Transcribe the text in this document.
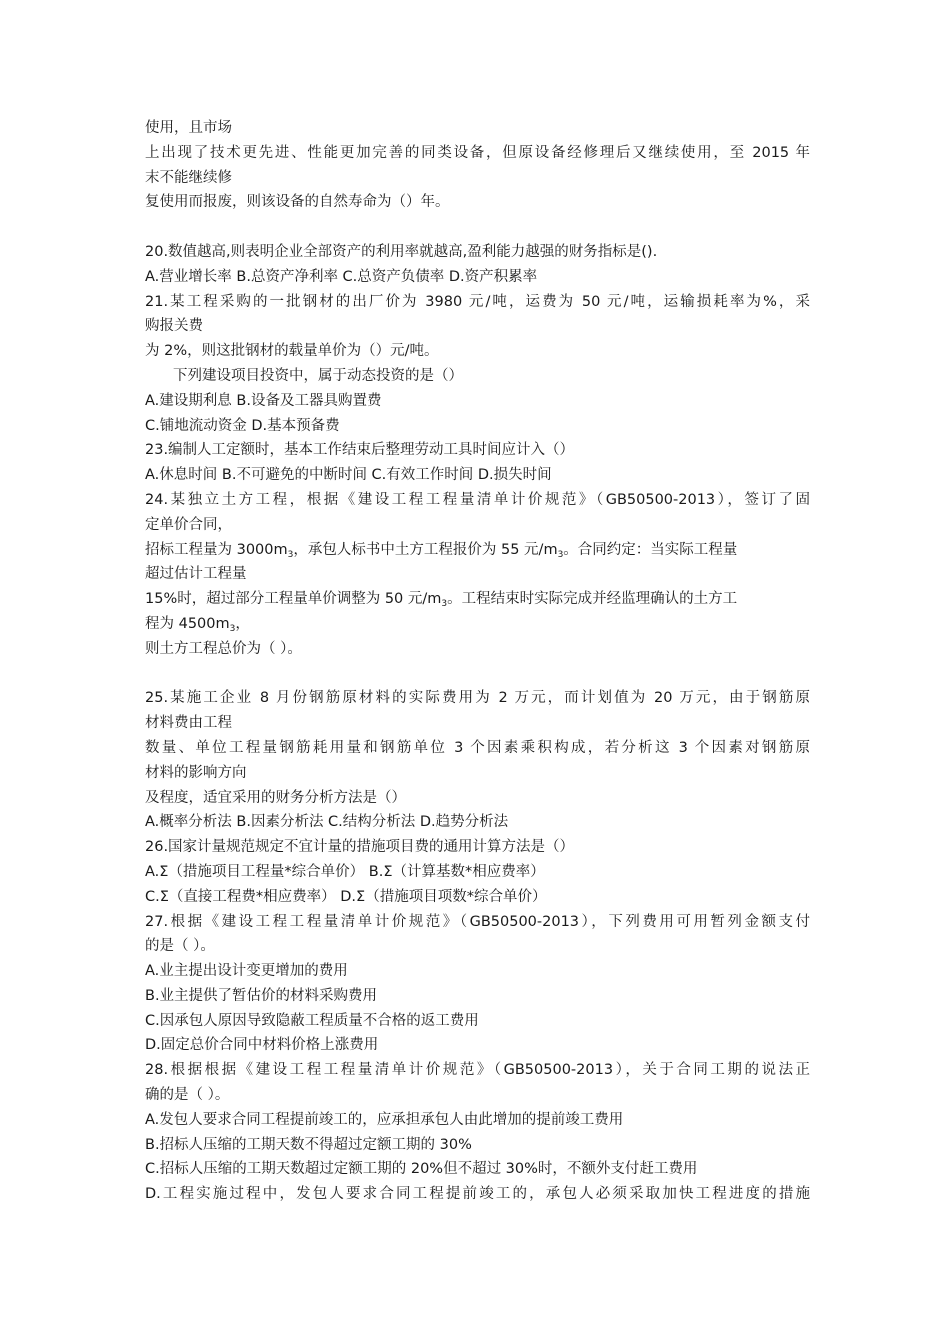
使用，且市场
上出现了技术更先进、性能更加完善的同类设备，但原设备经修理后又继续使用，至 2015 年
末不能继续修
复使用而报废，则该设备的自然寿命为（）年。
20.数值越高,则表明企业全部资产的利用率就越高,盈利能力越强的财务指标是().
A.营业增长率 B.总资产净利率 C.总资产负债率 D.资产积累率
21.某工程采购的一批钢材的出厂价为 3980 元/吨，运费为 50 元/吨，运输损耗率为%，采
购报关费
为 2%，则这批钢材的载量单价为（）元/吨。
下列建设项目投资中，属于动态投资的是（）
A.建设期利息 B.设备及工器具购置费
C.铺地流动资金 D.基本预备费
23.编制人工定额时，基本工作结束后整理劳动工具时间应计入（）
A.休息时间 B.不可避免的中断时间 C.有效工作时间 D.损失时间
24.某独立土方工程，根据《建设工程工程量清单计价规范》（GB50500-2013），签订了固
定单价合同，
招标工程量为 $3000m_3$，承包人标书中土方工程报价为 55 元$/m_3$。合同约定：当实际工程量
超过估计工程量
15%时，超过部分工程量单价调整为 50 元$/m_3$。工程结束时实际完成并经监理确认的土方工
程为 $4500m_3$，
则土方工程总价为（ ）。
25.某施工企业 8 月份钢筋原材料的实际费用为 2 万元，而计划值为 20 万元，由于钢筋原
材料费由工程
数量、单位工程量钢筋耗用量和钢筋单位 3 个因素乘积构成，若分析这 3 个因素对钢筋原
材料的影响方向
及程度，适宜采用的财务分析方法是（）
A.概率分析法 B.因素分析法 C.结构分析法 D.趋势分析法
26.国家计量规范规定不宜计量的措施项目费的通用计算方法是（）
A.Σ（措施项目工程量*综合单价） B.Σ（计算基数*相应费率）
C.Σ（直接工程费*相应费率） D.Σ（措施项目项数*综合单价）
27.根据《建设工程工程量清单计价规范》（GB50500-2013），下列费用可用暂列金额支付
的是（ ）。
A.业主提出设计变更增加的费用
B.业主提供了暂估价的材料采购费用
C.因承包人原因导致隐蔽工程质量不合格的返工费用
D.固定总价合同中材料价格上涨费用
28.根据根据《建设工程工程量清单计价规范》（GB50500-2013），关于合同工期的说法正
确的是（ ）。
A.发包人要求合同工程提前竣工的，应承担承包人由此增加的提前竣工费用
B.招标人压缩的工期天数不得超过定额工期的 30%
C.招标人压缩的工期天数超过定额工期的 20%但不超过 30%时，不额外支付赶工费用
D.工程实施过程中，发包人要求合同工程提前竣工的，承包人必须采取加快工程进度的措施
